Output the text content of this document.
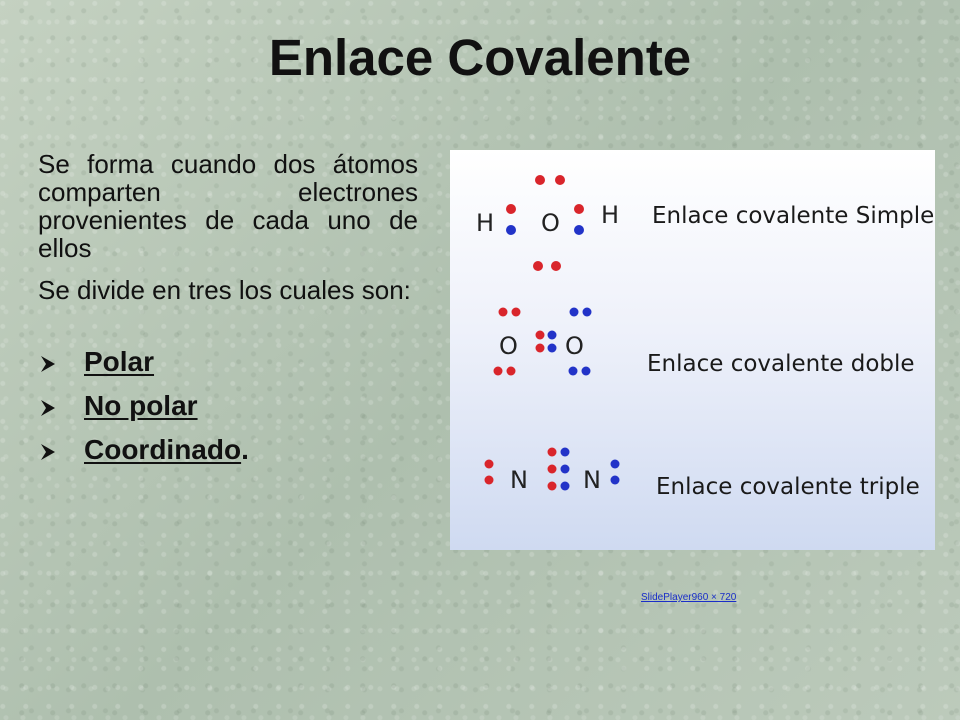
Enlace Covalente

Se forma cuando dos átomos comparten electrones provenientes de cada uno de ellos

Se divide en tres los cuales son:

Polar
No polar
Coordinado .
H O H Enlace covalente Simple
O O
Enlace covalente doble
N N Enlace covalente triple
SlidePlayer960 × 720
